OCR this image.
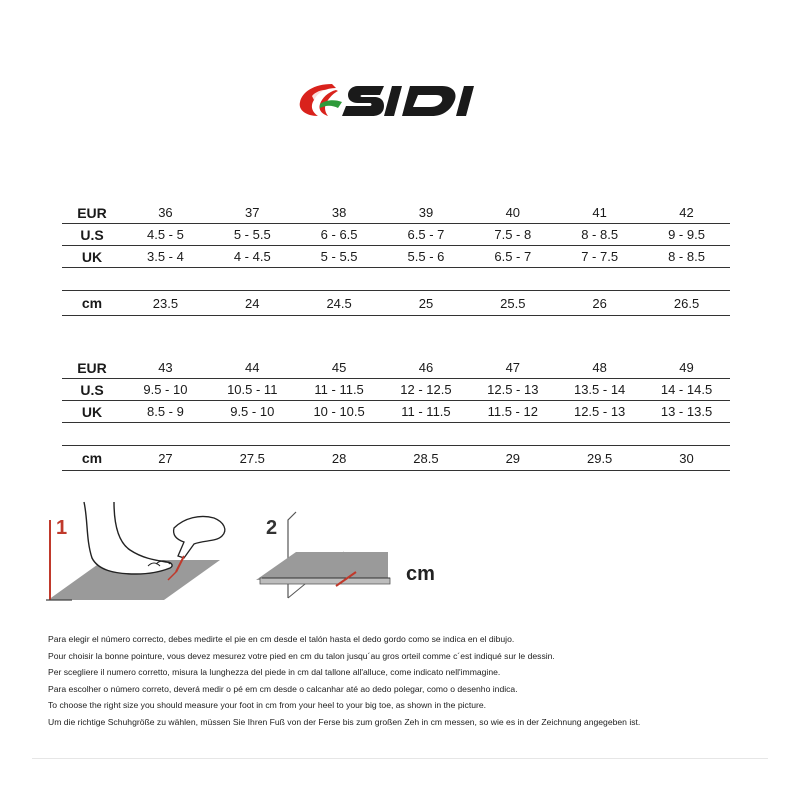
EUR	36	37	38	39	40	41	42
U.S	4.5 - 5	5 - 5.5	6 - 6.5	6.5 - 7	7.5 - 8	8 - 8.5	9 - 9.5
UK	3.5 - 4	4 - 4.5	5 - 5.5	5.5 - 6	6.5 - 7	7 - 7.5	8 - 8.5

cm	23.5	24	24.5	25	25.5	26	26.5
EUR	43	44	45	46	47	48	49
U.S	9.5 - 10	10.5 - 11	11 - 11.5	12 - 12.5	12.5 - 13	13.5 - 14	14 - 14.5
UK	8.5 - 9	9.5 - 10	10 - 10.5	11 - 11.5	11.5 - 12	12.5 - 13	13 - 13.5

cm	27	27.5	28	28.5	29	29.5	30
1	2
cm
Para elegir el número correcto, debes medirte el pie en cm desde el talón hasta el dedo gordo como se indica en el dibujo.
Pour choisir la bonne pointure, vous devez mesurez votre pied en cm du talon jusqu´au gros orteil comme c´est indiqué sur le dessin.
Per scegliere il numero corretto, misura la lunghezza del piede in cm dal tallone all'alluce, come indicato nell'immagine.
Para escolher o número correto, deverá medir o pé em cm desde o calcanhar até ao dedo polegar, como o desenho indica.
To choose the right size you should measure your foot in cm from your heel to your big toe, as shown in the picture.
Um die richtige Schuhgröße zu wählen, müssen Sie Ihren Fuß von der Ferse bis zum großen Zeh in cm messen, so wie es in der Zeichnung angegeben ist.
